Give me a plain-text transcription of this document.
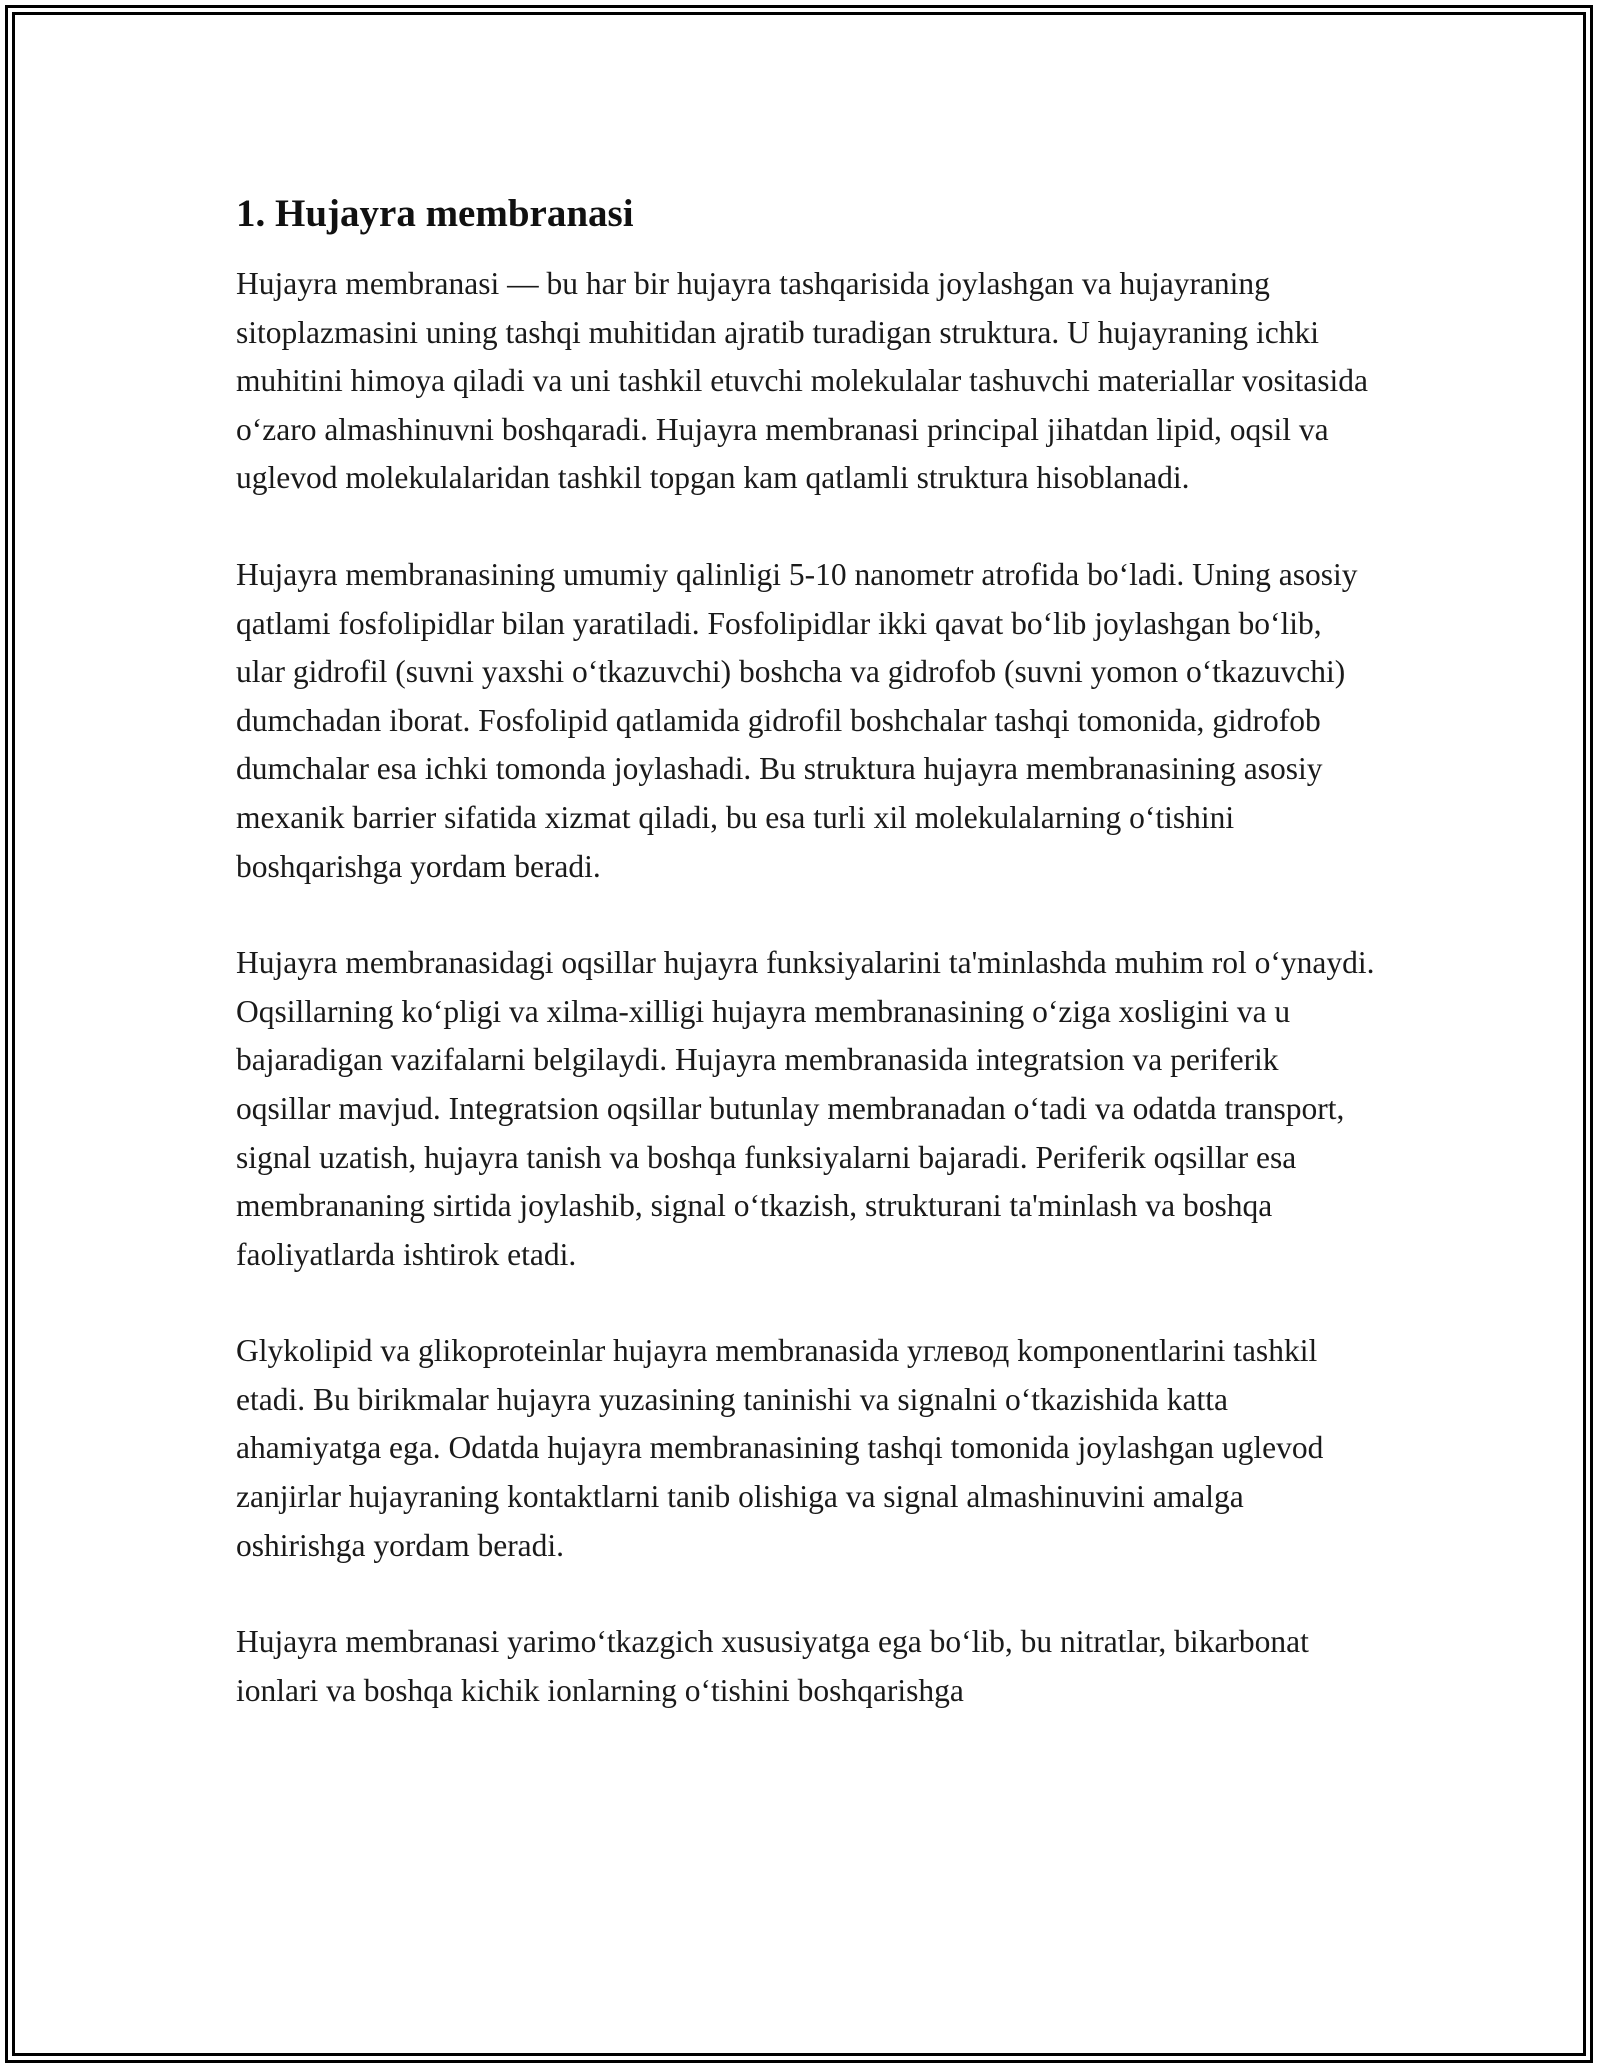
1. Hujayra membranasi

Hujayra membranasi — bu har bir hujayra tashqarisida joylashgan va hujayraning sitoplazmasini uning tashqi muhitidan ajratib turadigan struktura. U hujayraning ichki muhitini himoya qiladi va uni tashkil etuvchi molekulalar tashuvchi materiallar vositasida oʻzaro almashinuvni boshqaradi. Hujayra membranasi principal jihatdan lipid, oqsil va uglevod molekulalaridan tashkil topgan kam qatlamli struktura hisoblanadi.

Hujayra membranasining umumiy qalinligi 5-10 nanometr atrofida boʻladi. Uning asosiy qatlami fosfolipidlar bilan yaratiladi. Fosfolipidlar ikki qavat boʻlib joylashgan boʻlib, ular gidrofil (suvni yaxshi oʻtkazuvchi) boshcha va gidrofob (suvni yomon oʻtkazuvchi) dumchadan iborat. Fosfolipid qatlamida gidrofil boshchalar tashqi tomonida, gidrofob dumchalar esa ichki tomonda joylashadi. Bu struktura hujayra membranasining asosiy mexanik barrier sifatida xizmat qiladi, bu esa turli xil molekulalarning oʻtishini boshqarishga yordam beradi.

Hujayra membranasidagi oqsillar hujayra funksiyalarini ta'minlashda muhim rol oʻynaydi. Oqsillarning koʻpligi va xilma-xilligi hujayra membranasining oʻziga xosligini va u bajaradigan vazifalarni belgilaydi. Hujayra membranasida integratsion va periferik oqsillar mavjud. Integratsion oqsillar butunlay membranadan oʻtadi va odatda transport, signal uzatish, hujayra tanish va boshqa funksiyalarni bajaradi. Periferik oqsillar esa membrananing sirtida joylashib, signal oʻtkazish, strukturani ta'minlash va boshqa faoliyatlarda ishtirok etadi.

Glykolipid va glikoproteinlar hujayra membranasida углевод komponentlarini tashkil etadi. Bu birikmalar hujayra yuzasining taninishi va signalni oʻtkazishida katta ahamiyatga ega. Odatda hujayra membranasining tashqi tomonida joylashgan uglevod zanjirlar hujayraning kontaktlarni tanib olishiga va signal almashinuvini amalga oshirishga yordam beradi.

Hujayra membranasi yarimoʻtkazgich xususiyatga ega boʻlib, bu nitratlar, bikarbonat ionlari va boshqa kichik ionlarning oʻtishini boshqarishga
